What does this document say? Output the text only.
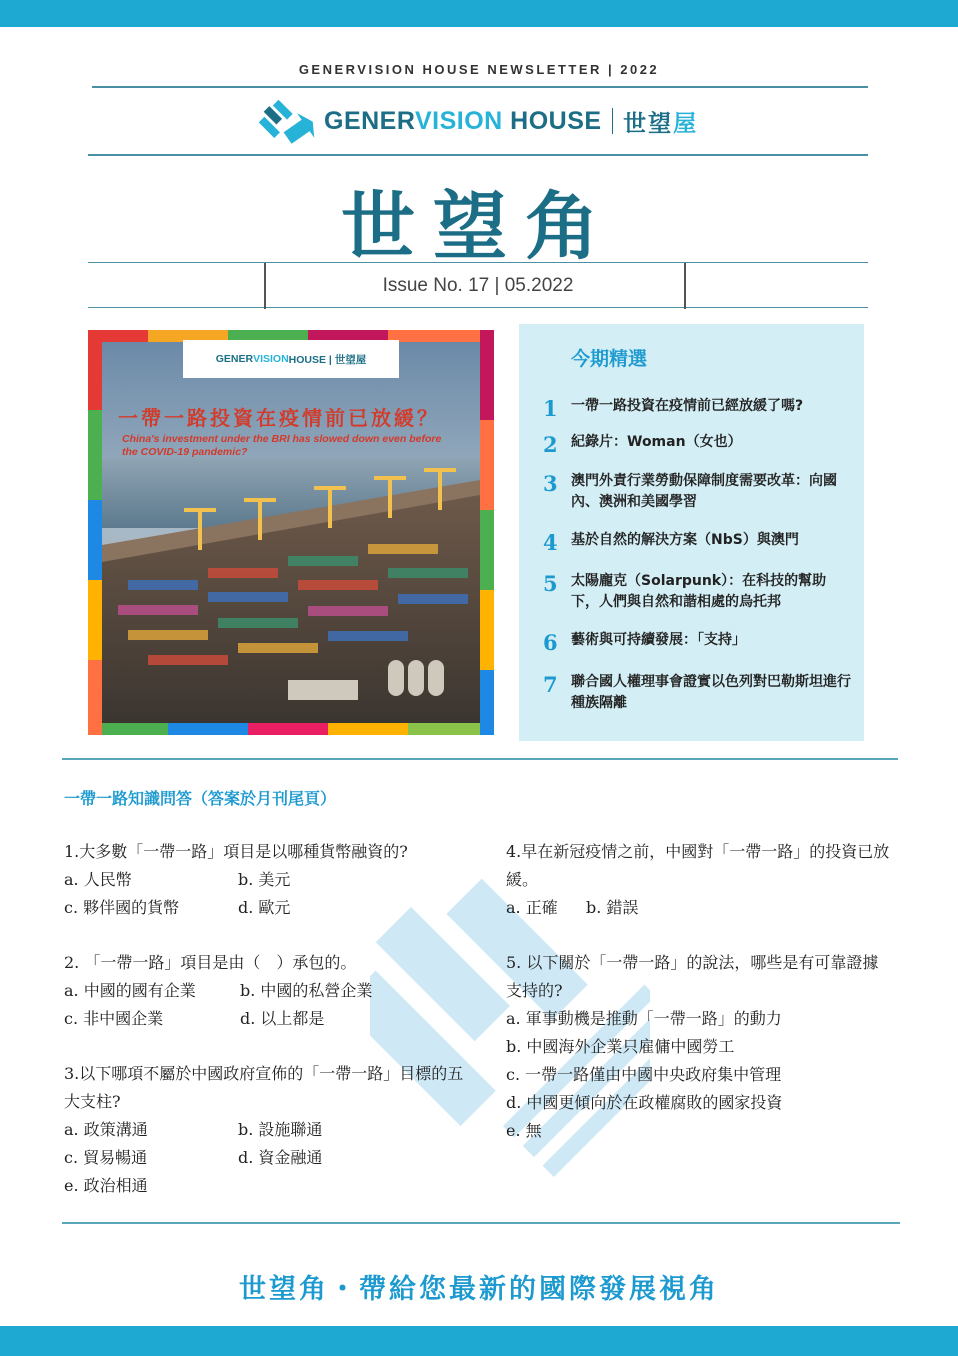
GENERVISION HOUSE NEWSLETTER | 2022
GENERVISION HOUSE 世望屋
世望角
Issue No. 17 | 05.2022
GENER VISION HOUSE | 世望屋
一帶一路投資在疫情前已放緩？
China's investment under the BRI has slowed down even before the COVID-19 pandemic?
今期精選
1 一帶一路投資在疫情前已經放緩了嗎?
2 紀錄片：Woman（女也）
3 澳門外責行業勞動保障制度需要改革：向國內、澳洲和美國學習
4 基於自然的解決方案（NbS）與澳門
5 太陽龐克（Solarpunk）：在科技的幫助下，人們與自然和諧相處的烏托邦
6 藝術與可持續發展：「支持」
7 聯合國人權理事會證實以色列對巴勒斯坦進行種族隔離
一帶一路知識問答（答案於月刊尾頁）
1.大多數「一帶一路」項目是以哪種貨幣融資的?
a. 人民幣	b. 美元
c. 夥伴國的貨幣	d. 歐元
2. 「一帶一路」項目是由（　）承包的。
a. 中國的國有企業	b. 中國的私營企業
c. 非中國企業	d. 以上都是
3.以下哪項不屬於中國政府宣佈的「一帶一路」目標的五大支柱?
a. 政策溝通	b. 設施聯通
c. 貿易暢通	d. 資金融通
e. 政治相通
4.早在新冠疫情之前，中國對「一帶一路」的投資已放緩。
a. 正確	b. 錯誤
5. 以下關於「一帶一路」的說法，哪些是有可靠證據支持的?
a. 軍事動機是推動「一帶一路」的動力
b. 中國海外企業只雇傭中國勞工
c. 一帶一路僅由中國中央政府集中管理
d. 中國更傾向於在政權腐敗的國家投資
e. 無
世望角・帶給您最新的國際發展視角
